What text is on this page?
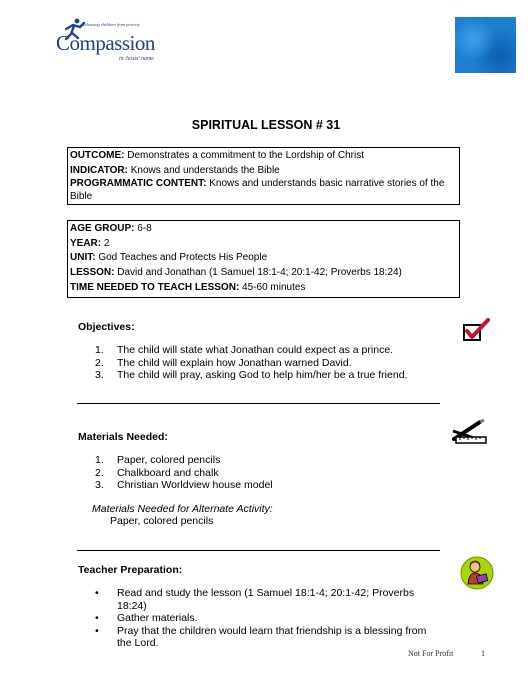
Releasing children from poverty
Compassion
in Jesus' name
SPIRITUAL LESSON # 31
OUTCOME: Demonstrates a commitment to the Lordship of Christ
INDICATOR: Knows and understands the Bible
PROGRAMMATIC CONTENT: Knows and understands basic narrative stories of the Bible
AGE GROUP: 6-8
YEAR: 2
UNIT: God Teaches and Protects His People
LESSON: David and Jonathan (1 Samuel 18:1-4; 20:1-42; Proverbs 18:24)
TIME NEEDED TO TEACH LESSON: 45-60 minutes
Objectives:
1. The child will state what Jonathan could expect as a prince.
2. The child will explain how Jonathan warned David.
3. The child will pray, asking God to help him/her be a true friend.
Materials Needed:
1. Paper, colored pencils
2. Chalkboard and chalk
3. Christian Worldview house model
Materials Needed for Alternate Activity:
Paper, colored pencils
Teacher Preparation:
• Read and study the lesson (1 Samuel 18:1-4; 20:1-42; Proverbs 18:24)
• Gather materials.
• Pray that the children would learn that friendship is a blessing from the Lord.
Not For Profit	1
